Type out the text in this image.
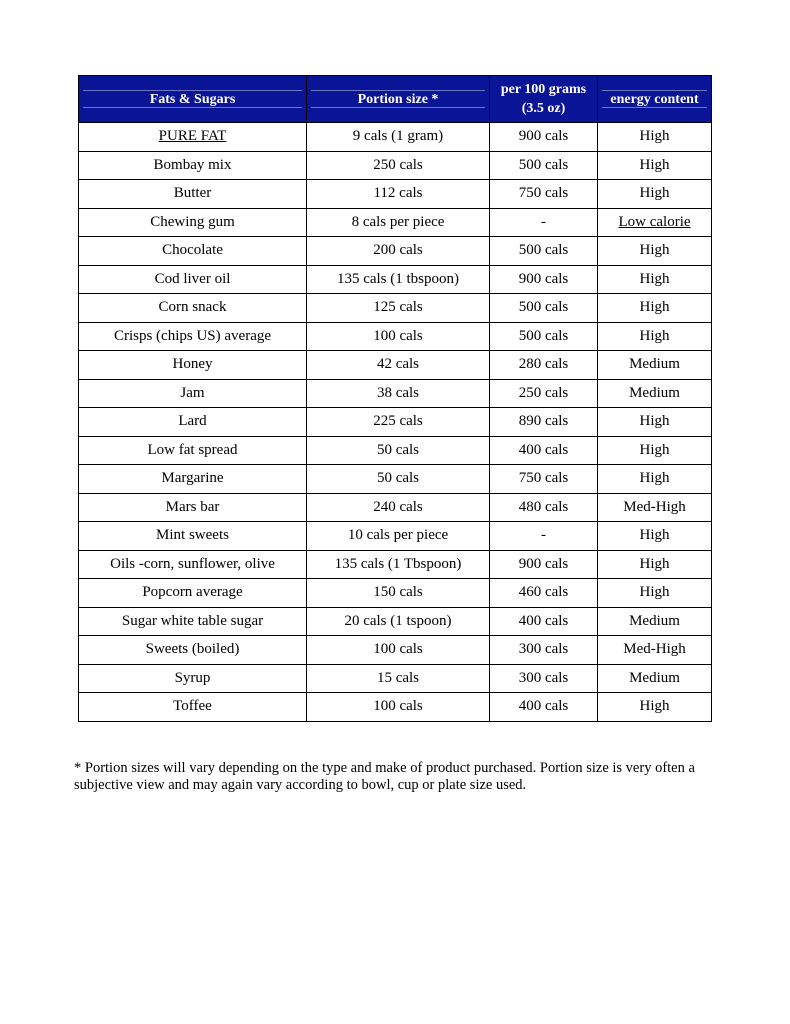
Fats & Sugars	Portion size *	per 100 grams (3.5 oz)	energy content
PURE FAT	9 cals (1 gram)	900 cals	High
Bombay mix	250 cals	500 cals	High
Butter	112 cals	750 cals	High
Chewing gum	8 cals per piece	-	Low calorie
Chocolate	200 cals	500 cals	High
Cod liver oil	135 cals (1 tbspoon)	900 cals	High
Corn snack	125 cals	500 cals	High
Crisps (chips US) average	100 cals	500 cals	High
Honey	42 cals	280 cals	Medium
Jam	38 cals	250 cals	Medium
Lard	225 cals	890 cals	High
Low fat spread	50 cals	400 cals	High
Margarine	50 cals	750 cals	High
Mars bar	240 cals	480 cals	Med-High
Mint sweets	10 cals per piece	-	High
Oils -corn, sunflower, olive	135 cals (1 Tbspoon)	900 cals	High
Popcorn average	150 cals	460 cals	High
Sugar white table sugar	20 cals (1 tspoon)	400 cals	Medium
Sweets (boiled)	100 cals	300 cals	Med-High
Syrup	15 cals	300 cals	Medium
Toffee	100 cals	400 cals	High
* Portion sizes will vary depending on the type and make of product purchased. Portion size is very often a subjective view and may again vary according to bowl, cup or plate size used.
